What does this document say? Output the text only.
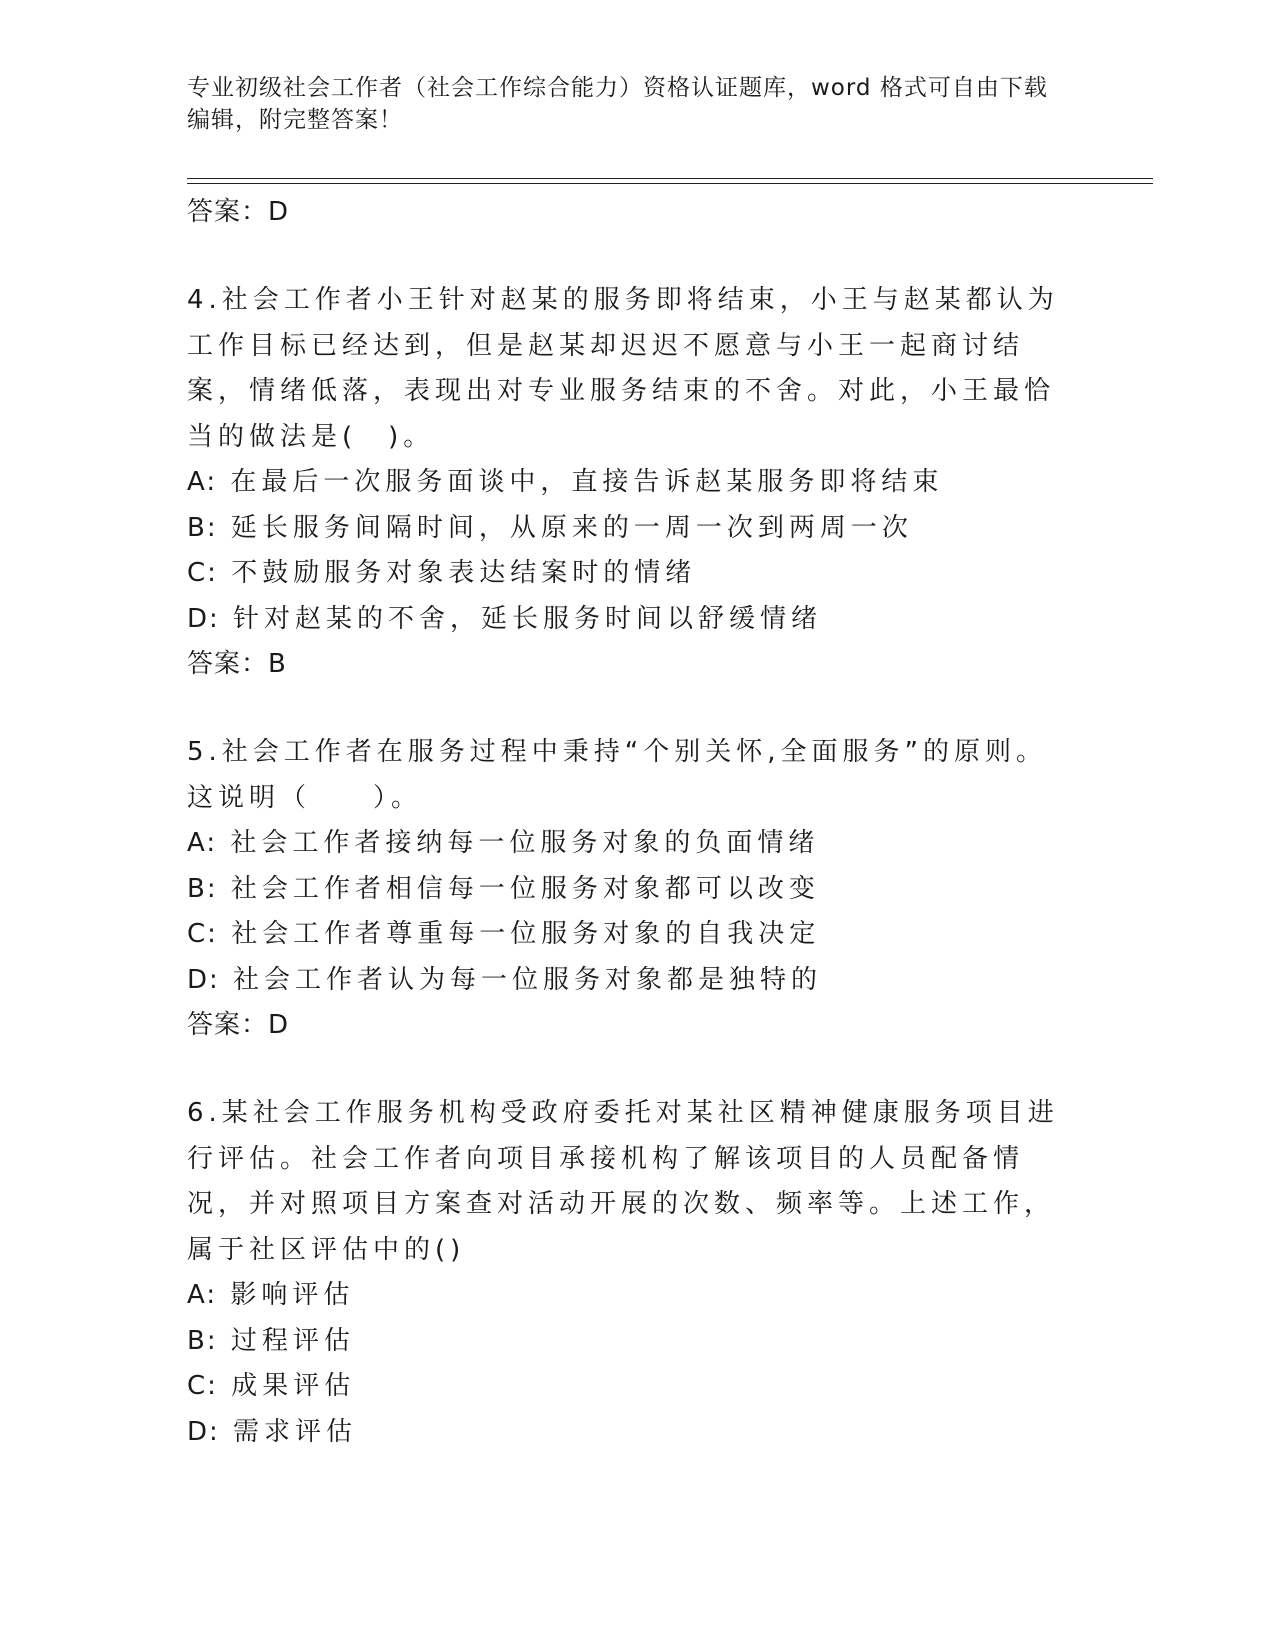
专业初级社会工作者（社会工作综合能力）资格认证题库，word 格式可自由下载编辑，附完整答案！
答案：D
4.社会工作者小王针对赵某的服务即将结束，小王与赵某都认为工作目标已经达到，但是赵某却迟迟不愿意与小王一起商讨结案，情绪低落，表现出对专业服务结束的不舍。对此，小王最恰当的做法是(　)。
A: 在最后一次服务面谈中，直接告诉赵某服务即将结束
B: 延长服务间隔时间，从原来的一周一次到两周一次
C: 不鼓励服务对象表达结案时的情绪
D: 针对赵某的不舍，延长服务时间以舒缓情绪
答案：B
5.社会工作者在服务过程中秉持“个别关怀,全面服务”的原则。这说明（　　）。
A: 社会工作者接纳每一位服务对象的负面情绪
B: 社会工作者相信每一位服务对象都可以改变
C: 社会工作者尊重每一位服务对象的自我决定
D: 社会工作者认为每一位服务对象都是独特的
答案：D
6.某社会工作服务机构受政府委托对某社区精神健康服务项目进行评估。社会工作者向项目承接机构了解该项目的人员配备情况，并对照项目方案查对活动开展的次数、频率等。上述工作，属于社区评估中的()
A: 影响评估
B: 过程评估
C: 成果评估
D: 需求评估
